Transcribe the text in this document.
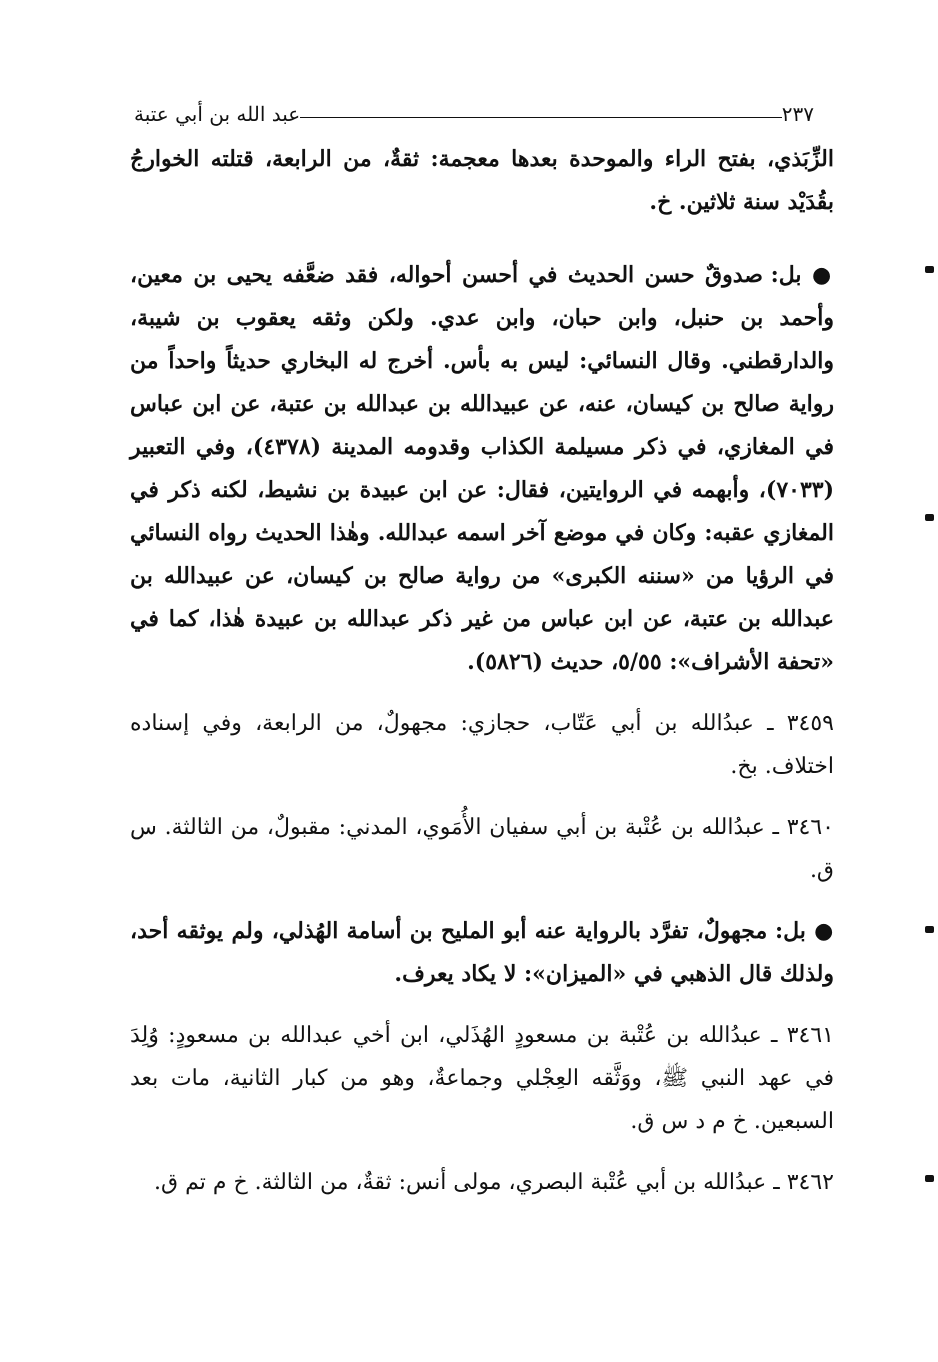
٢٣٧
عبد الله بن أبي عتبة

الزِّبَذي، بفتح الراء والموحدة بعدها معجمة: ثقةٌ، من الرابعة، قتلته الخوارجُ بقُدَيْد سنة ثلاثين. خ.

● بل: صدوقٌ حسن الحديث في أحسن أحواله، فقد ضعَّفه يحيى بن معين، وأحمد بن حنبل، وابن حبان، وابن عدي. ولكن وثقه يعقوب بن شيبة، والدارقطني. وقال النسائي: ليس به بأس. أخرج له البخاري حديثاً واحداً من رواية صالح بن كيسان، عنه، عن عبيدالله بن عبدالله بن عتبة، عن ابن عباس في المغازي، في ذكر مسيلمة الكذاب وقدومه المدينة (٤٣٧٨)، وفي التعبير (٧٠٣٣)، وأبهمه في الروايتين، فقال: عن ابن عبيدة بن نشيط، لكنه ذكر في المغازي عقبه: وكان في موضع آخر اسمه عبدالله. وهٰذا الحديث رواه النسائي في الرؤيا من «سننه الكبرى» من رواية صالح بن كيسان، عن عبيدالله بن عبدالله بن عتبة، عن ابن عباس من غير ذكر عبدالله بن عبيدة هٰذا، كما في «تحفة الأشراف»: ٥/٥٥، حديث (٥٨٢٦).

٣٤٥٩ ـ عبدُالله بن أبي عَتّاب، حجازي: مجهولٌ، من الرابعة، وفي إسناده اختلاف. بخ.

٣٤٦٠ ـ عبدُالله بن عُتْبة بن أبي سفيان الأُمَوي، المدني: مقبولٌ، من الثالثة. س ق.

● بل: مجهولٌ، تفرَّد بالرواية عنه أبو المليح بن أسامة الهُذلي، ولم يوثقه أحد، ولذلك قال الذهبي في «الميزان»: لا يكاد يعرف.

٣٤٦١ ـ عبدُالله بن عُتْبة بن مسعودٍ الهُذَلي، ابن أخي عبدالله بن مسعودٍ: وُلِدَ في عهد النبي ﷺ، ووَثَّقه العِجْلي وجماعةٌ، وهو من كبار الثانية، مات بعد السبعين. خ م د س ق.

٣٤٦٢ ـ عبدُالله بن أبي عُتْبة البصري، مولى أنس: ثقةٌ، من الثالثة. خ م تم ق.
